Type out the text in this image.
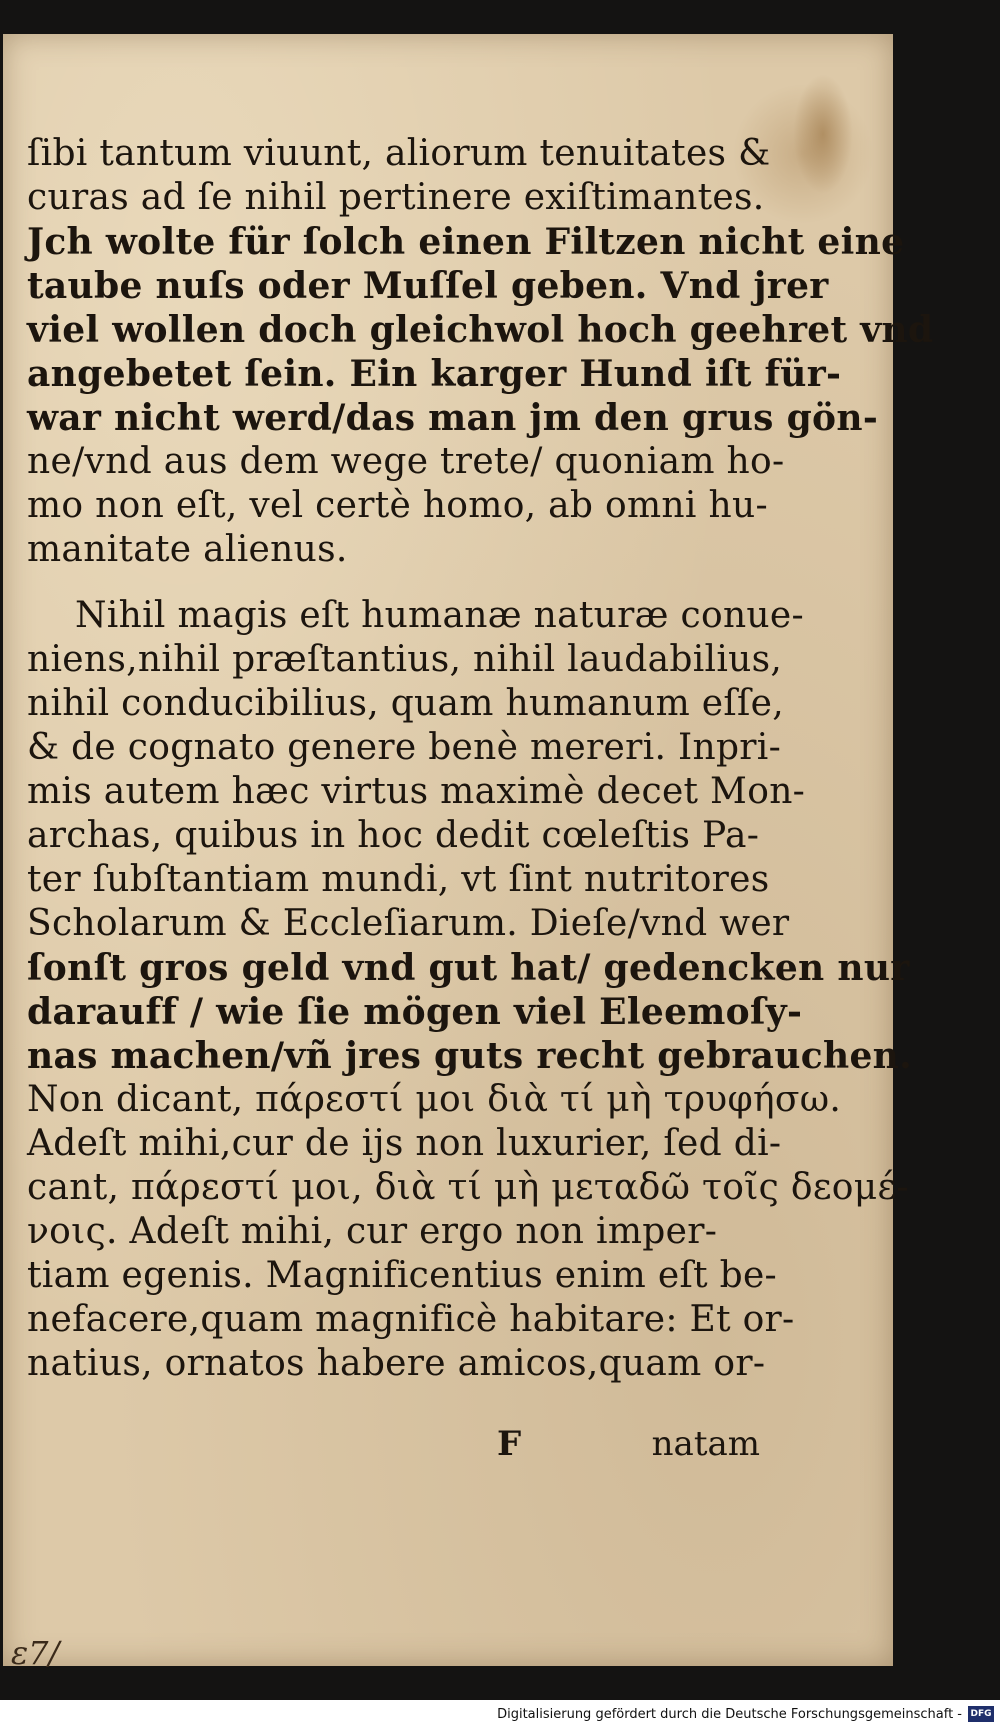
ſibi tantum viuunt, aliorum tenuitates &
curas ad ſe nihil pertinere exiſtimantes.
Jch wolte für ſolch einen Filtzen nicht eine
taube nuſs oder Muſſel geben. Vnd jrer
viel wollen doch gleichwol hoch geehret vnd
angebetet ſein. Ein karger Hund iſt für-
war nicht werd/das man jm den grus gön-
ne/vnd aus dem wege trete/ quoniam ho-
mo non eſt, vel certè homo, ab omni hu-
manitate alienus.
Nihil magis eſt humanæ naturæ conue-
niens,nihil præſtantius, nihil laudabilius,
nihil conducibilius, quam humanum eſſe,
& de cognato genere benè mereri. Inpri-
mis autem hæc virtus maximè decet Mon-
archas, quibus in hoc dedit cœleſtis Pa-
ter ſubſtantiam mundi, vt ſint nutritores
Scholarum & Eccleſiarum. Dieſe/vnd wer
ſonſt gros geld vnd gut hat/ gedencken nur
darauff / wie ſie mögen viel Eleemoſy-
nas machen/vñ jres guts recht gebrauchen.
Non dicant, πάρεστί μοι διὰ τί μὴ τρυφήσω.
Adeſt mihi,cur de ijs non luxurier, ſed di-
cant, πάρεστί μοι, διὰ τί μὴ μεταδῶ τοῖς δεομέ-
νοις. Adeſt mihi, cur ergo non imper-
tiam egenis. Magnificentius enim eſt be-
nefacere,quam magnificè habitare: Et or-
natius, ornatos habere amicos,quam or-
F	natam
ɛ7/
Digitalisierung gefördert durch die Deutsche Forschungsgemeinschaft - DFG
